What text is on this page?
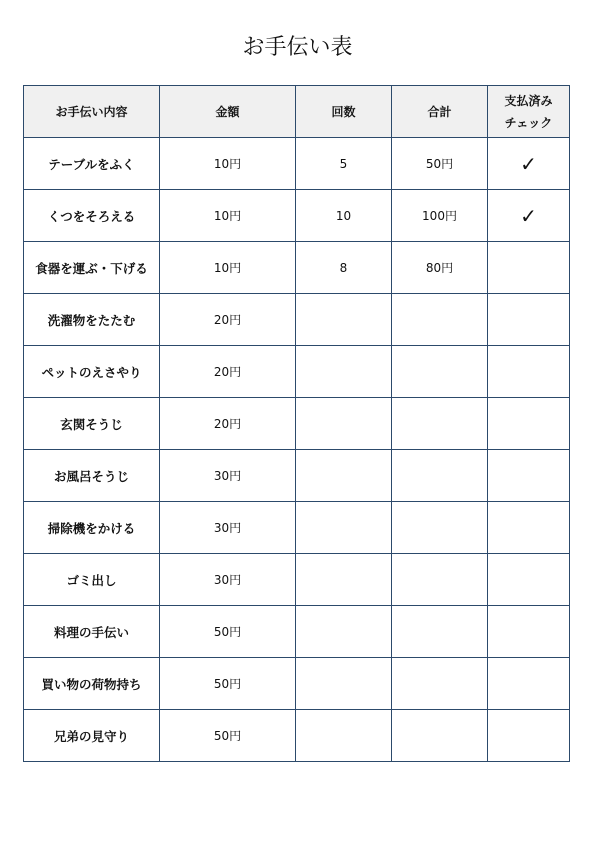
お手伝い表
お手伝い内容	金額	回数	合計	支払済み
チェック

テーブルをふく	10円	5	50円	✓
くつをそろえる	10円	10	100円	✓
食器を運ぶ・下げる	10円	8	80円	
洗濯物をたたむ	20円			
ペットのえさやり	20円			
玄関そうじ	20円			
お風呂そうじ	30円			
掃除機をかける	30円			
ゴミ出し	30円			
料理の手伝い	50円			
買い物の荷物持ち	50円			
兄弟の見守り	50円			
